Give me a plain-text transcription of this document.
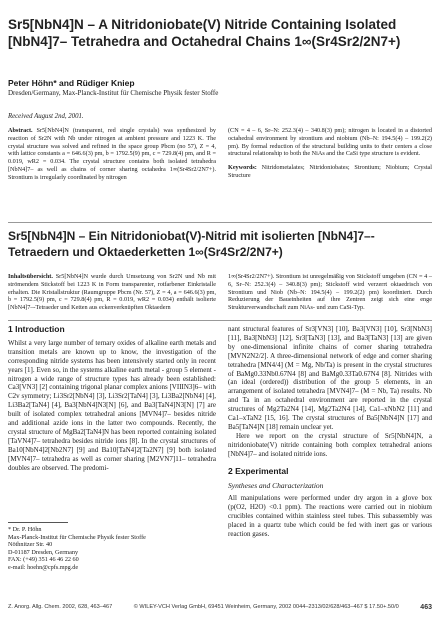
Sr5[NbN4]N – A Nitridoniobate(V) Nitride Containing Isolated [NbN4]7– Tetrahedra and Octahedral Chains 1∞(Sr4Sr2/2N7+)
Peter Höhn* and Rüdiger Kniep
Dresden/Germany, Max-Planck-Institut für Chemische Physik fester Stoffe
Received August 2nd, 2001.
Abstract. Sr5[NbN4]N (transparent, red single crystals) was synthesized by reaction of Sr2N with Nb under nitrogen at ambient pressure and 1223 K. The crystal structure was solved and refined in the space group Pbcm (no 57), Z = 4, with lattice constants a = 646.6(3) pm, b = 1792.5(9) pm, c = 729.8(4) pm, and R = 0.019, wR2 = 0.034. The crystal structure contains both isolated tetrahedra [NbN4]7– as well as chains of corner sharing octahedra 1∞(Sr4Sr2/2N7+). Strontium is irregularly coordinated by nitrogen

(CN = 4 – 6, Sr–N: 252.3(4) – 340.8(3) pm); nitrogen is located in a distorted octahedral environment by strontium and niobium (Nb–N: 194.5(4) – 199.2(2) pm). By formal reduction of the structural building units to their centers a close structural relationship to both the NiAs and the CaSi type structure is evident.

Keywords: Nitridometalates; Nitridoniobates; Strontium; Niobium; Crystal Structure

Sr5[NbN4]N – Ein Nitridoniobat(V)-Nitrid mit isolierten [NbN4]7–-Tetraedern und Oktaederketten 1∞(Sr4Sr2/2N7+)
Inhaltsübersicht. Sr5[NbN4]N wurde durch Umsetzung von Sr2N und Nb mit strömendem Stickstoff bei 1223 K in Form transparenter, rotfarbener Einkristalle erhalten. Die Kristallstruktur (Raumgruppe Pbcm (Nr. 57), Z = 4, a = 646.6(3) pm, b = 1792.5(9) pm, c = 729.8(4) pm, R = 0.019, wR2 = 0.034) enthält isolierte [NbN4]7–-Tetraeder und Ketten aus eckenverknüpften Oktaedern
1∞(Sr4Sr2/2N7+). Strontium ist unregelmäßig von Stickstoff umgeben (CN = 4 – 6, Sr–N: 252.3(4) – 340.8(3) pm); Stickstoff wird verzerrt oktaedrisch von Strontium und Niob (Nb–N: 194.5(4) – 199.2(2) pm) koordiniert. Durch Reduzierung der Baueinheiten auf ihre Zentren zeigt sich eine enge Strukturverwandtschaft zum NiAs- und zum CaSi-Typ.
1 Introduction

Whilst a very large number of ternary oxides of alkaline earth metals and transition metals are known up to know, the investigation of the corresponding nitride systems has been intensively started only in recent years [1]. Even so, in the systems alkaline earth metal - group 5 element - nitrogen a wide range of structure types has already been established: Ca3[VN3] [2] containing trigonal planar complex anions [VIIIN3]6– with C2v symmetry; Li3Sr2[NbN4] [3], Li3Sr2[TaN4] [3], Li3Ba2[NbN4] [4], Li3Ba2[TaN4] [4], Ba3[NbN4]N3[N] [6], and Ba3[TaN4]N3[N] [7] are built of isolated complex tetrahedral anions [MVN4]7– besides nitride and additional azide ions in the latter two compounds. Recently, the crystal structure of MgBa2[TaN4]N has been reported containing isolated [TaVN4]7– tetrahedra besides nitride ions [8]. In the crystal structures of Ba10[NbN4]2[Nb2N7] [9] and Ba10[TaN4]2[Ta2N7] [9] both isolated [MVN4]7– tetrahedra as well as corner sharing [M2VN7]11– tetrahedra doubles are observed. The predomi-

nant structural features of Sr3[VN3] [10], Ba3[VN3] [10], Sr3[NbN3] [11], Ba3[NbN3] [12], Sr3[TaN3] [13], and Ba3[TaN3] [13] are given by one-dimensional infinite chains of corner sharing tetrahedra [MVN2N2/2]. A three-dimensional network of edge and corner sharing tetrahedra [MN4/4] (M = Mg, Nb/Ta) is present in the crystal structures of BaMg0.33Nb0.67N4 [8] and BaMg0.33Ta0.67N4 [8]. Nitrides with (an ideal (ordered)) distribution of the group 5 elements, in an arrangement of isolated tetrahedra [MVN4]7– (M = Nb, Ta) results. Nb and Ta in an octahedral environment are reported in the crystal structures of Mg2Ta2N4 [14], Mg2Ta2N4 [14], Ca1–xNbN2 [11] and Ca1–xTaN2 [15, 16]. The crystal structures of Ba5[NbN4]N [17] and Ba5[TaN4]N [18] remain unclear yet.

Here we report on the crystal structure of Sr5[NbN4]N, a nitridoniobate(V) nitride containing both complex tetrahedral anions [NbN4]7– and isolated nitride ions.

2 Experimental
Syntheses and Characterization

All manipulations were performed under dry argon in a glove box (p(O2, H2O) <0.1 ppm). The reactions were carried out in niobium crucibles contained within stainless steel tubes. This subassembly was placed in a quartz tube which could be fed with inert gas or various reaction gases.

* Dr. P. Höhn
Max-Planck-Institut für Chemische Physik fester Stoffe
Nöthnitzer Str. 40
D-01187 Dresden, Germany
FAX: (+49) 351 46 46 22 60
e-mail: hoehn@cpfs.mpg.de
Z. Anorg. Allg. Chem. 2002, 628, 463–467	© WILEY-VCH Verlag GmbH, 69451 Weinheim, Germany, 2002 0044–2313/02/628/463–467 $ 17.50+.50/0	463
